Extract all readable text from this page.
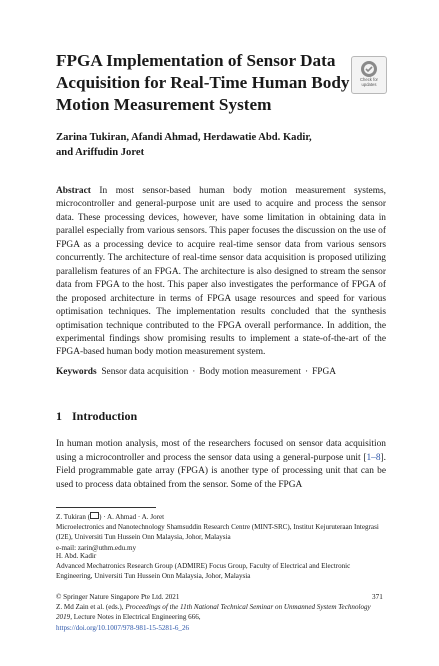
FPGA Implementation of Sensor Data Acquisition for Real-Time Human Body Motion Measurement System
Check for
updates

Zarina Tukiran, Afandi Ahmad, Herdawatie Abd. Kadir,
and Ariffudin Joret

Abstract In most sensor-based human body motion measurement systems, microcontroller and general-purpose unit are used to acquire and process the sensor data. These processing devices, however, have some limitation in obtaining data in parallel especially from various sensors. This paper focuses the discussion on the use of FPGA as a processing device to acquire real-time sensor data from various sensors concurrently. The architecture of real-time sensor data acquisition is proposed utilizing parallelism features of an FPGA. The architecture is also designed to stream the sensor data from FPGA to the host. This paper also investigates the performance of FPGA of the proposed architecture in terms of FPGA usage resources and speed for various optimisation techniques. The implementation results concluded that the synthesis optimisation technique contributed to the FPGA overall performance. In addition, the experimental findings show promising results to implement a state-of-the-art of the FPGA-based human body motion measurement system.

Keywords Sensor data acquisition · Body motion measurement · FPGA

1 Introduction

In human motion analysis, most of the researchers focused on sensor data acquisition using a microcontroller and process the sensor data using a general-purpose unit [1–8]. Field programmable gate array (FPGA) is another type of processing unit that can be used to process data obtained from the sensor. Some of the FPGA

Z. Tukiran ( ) · A. Ahmad · A. Joret
Microelectronics and Nanotechnology Shamsuddin Research Centre (MINT-SRC), Institut Kejuruteraan Integrasi (I2E), Universiti Tun Hussein Onn Malaysia, Johor, Malaysia
e-mail: zarin@uthm.edu.my

H. Abd. Kadir
Advanced Mechatronics Research Group (ADMIRE) Focus Group, Faculty of Electrical and Electronic Engineering, Universiti Tun Hussein Onn Malaysia, Johor, Malaysia

© Springer Nature Singapore Pte Ltd. 2021
Z. Md Zain et al. (eds.), Proceedings of the 11th National Technical Seminar on Unmanned System Technology 2019, Lecture Notes in Electrical Engineering 666,
https://doi.org/10.1007/978-981-15-5281-6_26

371
